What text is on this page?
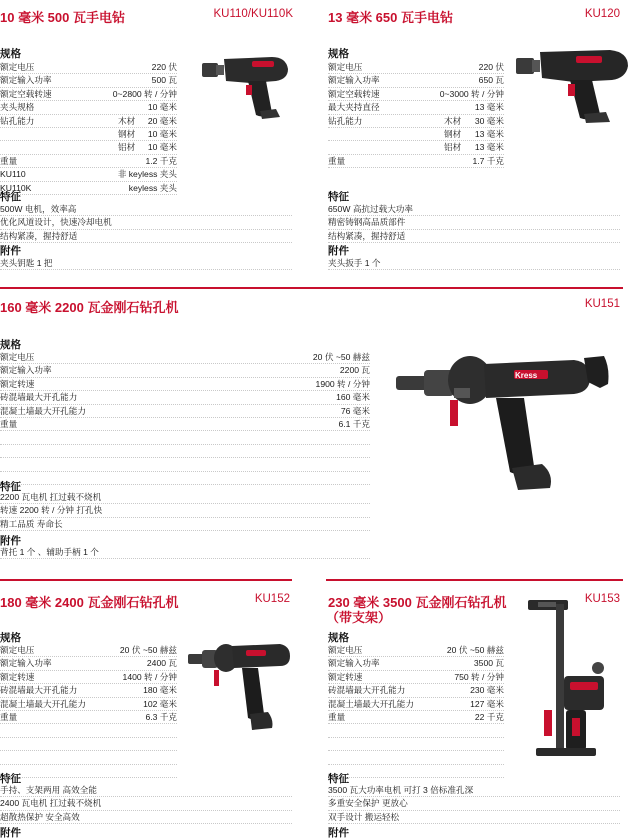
10 毫米 500 瓦手电钻	KU110/KU110K
规格
额定电压	220 伏
额定输入功率	500 瓦
额定空载转速	0~2800 转 / 分钟
夹头规格	10 毫米
钻孔能力	木材 20 毫米
钢材 10 毫米
铝材 10 毫米
重量	1.2 千克
KU110	非 keyless 夹头
KU110K	keyless 夹头
特征
500W 电机，效率高
优化风道设计，快速冷却电机
结构紧凑，握持舒适
附件
夹头钥匙 1 把
13 毫米 650 瓦手电钻	KU120
规格
额定电压	220 伏
额定输入功率	650 瓦
额定空载转速	0~3000 转 / 分钟
最大夹持直径	13 毫米
钻孔能力	木材 30 毫米
钢材 13 毫米
铝材 13 毫米
重量	1.7 千克
特征
650W 高抗过载大功率
精密铸钢高品质部件
结构紧凑，握持舒适
附件
夹头扳手 1 个
160 毫米 2200 瓦金刚石钻孔机	KU151
规格
额定电压	20 伏 ~50 赫兹
额定输入功率	2200 瓦
额定转速	1900 转 / 分钟
砖混墙最大开孔能力	160 毫米
混凝土墙最大开孔能力	76 毫米
重量	6.1 千克
特征
2200 瓦电机 扛过载不烧机
转速 2200 转 / 分钟 打孔快
精工品质 寿命长
附件
背托 1 个 、辅助手柄 1 个
Kress
180 毫米 2400 瓦金刚石钻孔机	KU152
规格
额定电压	20 伏 ~50 赫兹
额定输入功率	2400 瓦
额定转速	1400 转 / 分钟
砖混墙最大开孔能力	180 毫米
混凝土墙最大开孔能力	102 毫米
重量	6.3 千克
特征
手持、支架两用 高效全能
2400 瓦电机 扛过载不烧机
超散热保护 安全高效
附件
230 毫米 3500 瓦金刚石钻孔机
（带支架）
KU153
规格
额定电压	20 伏 ~50 赫兹
额定输入功率	3500 瓦
额定转速	750 转 / 分钟
砖混墙最大开孔能力	230 毫米
混凝土墙最大开孔能力	127 毫米
重量	22 千克
特征
3500 瓦大功率电机 可打 3 倍标准孔深
多重安全保护 更放心
双手设计 搬运轻松
附件
